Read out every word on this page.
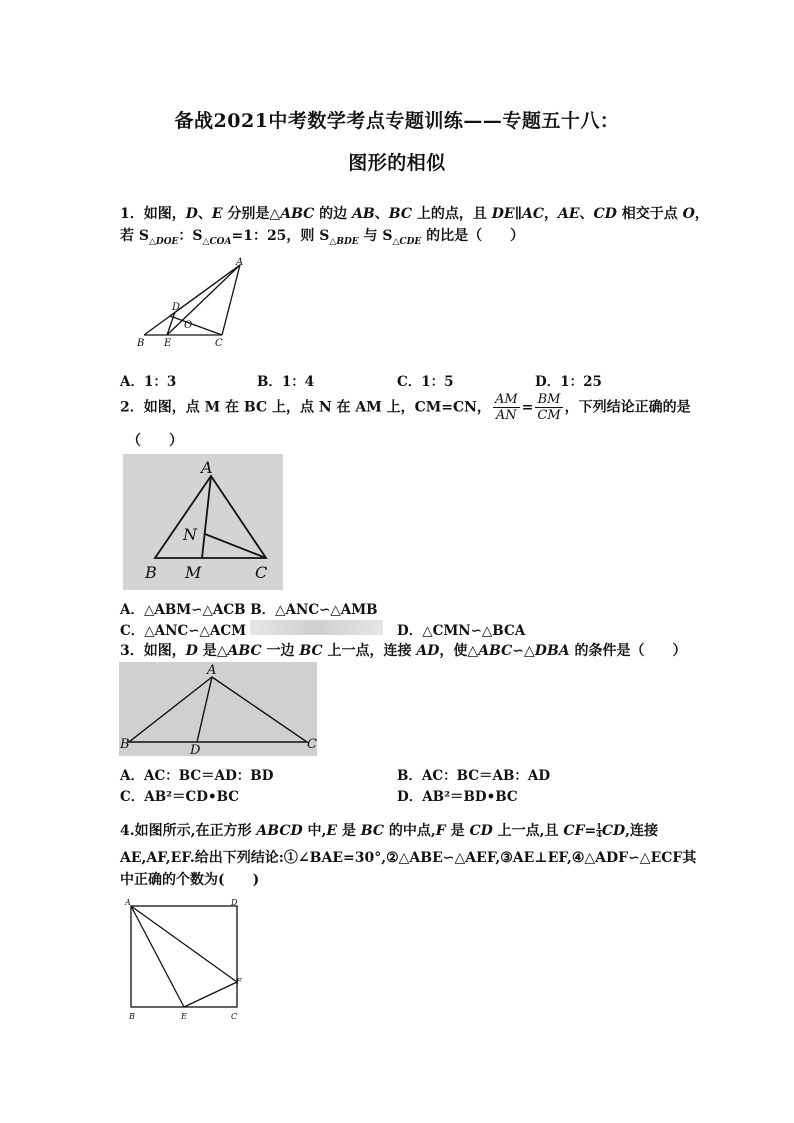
备战2021中考数学考点专题训练——专题五十八：
图形的相似
1．如图，D、E 分别是△ABC 的边 AB、BC 上的点，且 DE∥AC，AE、CD 相交于点 O，
若 $S_{\triangle DOE}$：$S_{\triangle COA}=1$：25，则 $S_{\triangle BDE}$ 与 $S_{\triangle CDE}$ 的比是（　　）
A
D
O
B E	C
A．1：3	B．1：4	C．1：5	D．1：25
2．如图，点 M 在 BC 上，点 N 在 AM 上，CM=CN， $\frac{AM}{AN} = \frac{BM}{CM}$ ，下列结论正确的是
（　　）
A
N
B M	C
A．△ABM∽△ACB B．△ANC∽△AMB
C．△ANC∽△ACM	D．△CMN∽△BCA
3．如图，D 是△ABC 一边 BC 上一点，连接 AD，使△ABC∽△DBA 的条件是（　　）
A
B	D	C
A．AC：BC＝AD：BD	B．AC：BC＝AB：AD
C．AB²＝CD•BC	D．AB²＝BD•BC
4.如图所示,在正方形 ABCD 中,E 是 BC 的中点,F 是 CD 上一点,且 $CF= \frac{1}{4}CD$,连接
AE,AF,EF.给出下列结论:①∠BAE=30°,②△ABE∽△AEF,③AE⊥EF,④△ADF∽△ECF其
中正确的个数为(　　)
A	D
F
B	E	C
